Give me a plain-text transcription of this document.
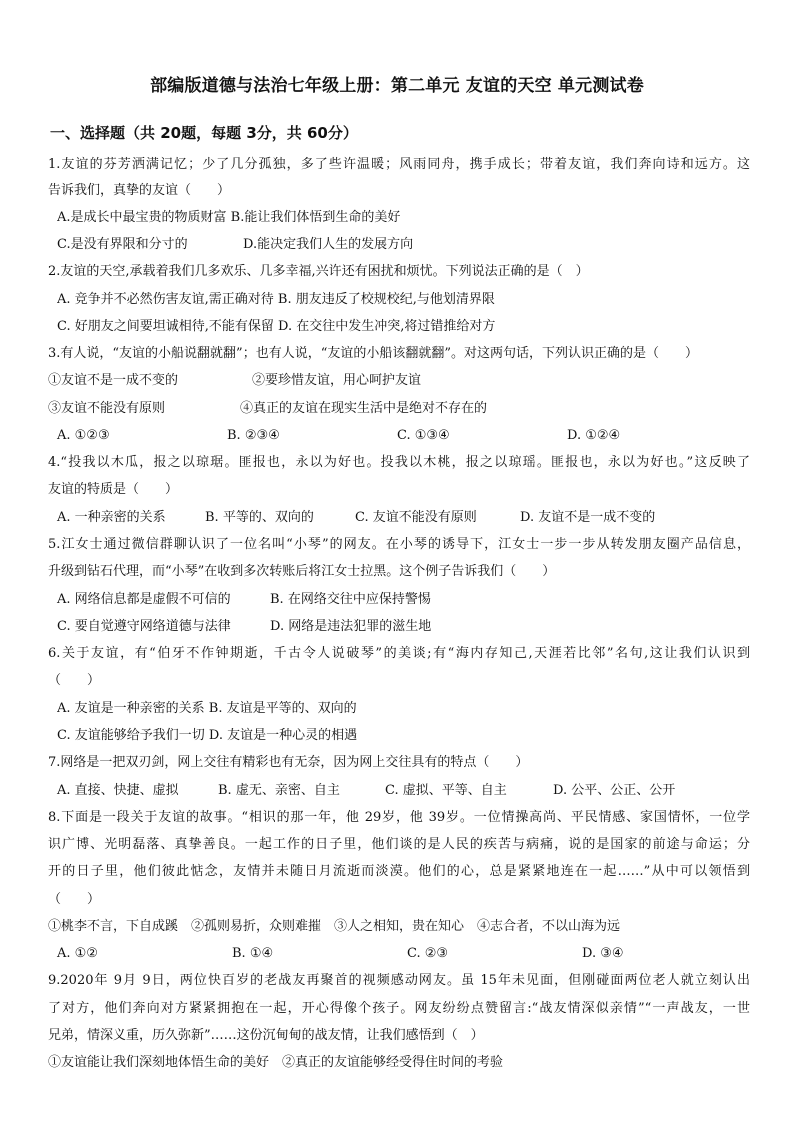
部编版道德与法治七年级上册：第二单元 友谊的天空 单元测试卷
一、选择题（共 20题，每题 3分，共 60分）
1.友谊的芬芳洒满记忆；少了几分孤独，多了些许温暖；风雨同舟，携手成长；带着友谊，我们奔向诗和远方。这
告诉我们，真挚的友谊（　　）
A.是成长中最宝贵的物质财富 B.能让我们体悟到生命的美好
C.是没有界限和分寸的	D.能决定我们人生的发展方向
2.友谊的天空,承载着我们几多欢乐、几多幸福,兴许还有困扰和烦忧。下列说法正确的是（　）
A. 竞争并不必然伤害友谊,需正确对待 B. 朋友违反了校规校纪,与他划清界限
C. 好朋友之间要坦诚相待,不能有保留 D. 在交往中发生冲突,将过错推给对方
3.有人说，“友谊的小船说翻就翻”；也有人说，“友谊的小船该翻就翻”。对这两句话，下列认识正确的是（　　）
①友谊不是一成不变的	②要珍惜友谊，用心呵护友谊
③友谊不能没有原则	④真正的友谊在现实生活中是绝对不存在的
A. ①②③	B. ②③④	C. ①③④	D. ①②④
4.“投我以木瓜，报之以琼琚。匪报也，永以为好也。投我以木桃，报之以琼瑶。匪报也，永以为好也。”这反映了
友谊的特质是（　　）
A. 一种亲密的关系	B. 平等的、双向的	C. 友谊不能没有原则	D. 友谊不是一成不变的
5.江女士通过微信群聊认识了一位名叫“小琴”的网友。在小琴的诱导下，江女士一步一步从转发朋友圈产品信息，
升级到钻石代理，而“小琴”在收到多次转账后将江女士拉黑。这个例子告诉我们（　　）
A. 网络信息都是虚假不可信的	B. 在网络交往中应保持警惕
C. 要自觉遵守网络道德与法律	D. 网络是违法犯罪的滋生地
6.关于友谊，有“伯牙不作钟期逝，千古令人说破琴”的美谈;有“海内存知己,天涯若比邻”名句,这让我们认识到
（　　）
A. 友谊是一种亲密的关系 B. 友谊是平等的、双向的
C. 友谊能够给予我们一切 D. 友谊是一种心灵的相遇
7.网络是一把双刃剑，网上交往有精彩也有无奈，因为网上交往具有的特点（　　）
A. 直接、快捷、虚拟	B. 虚无、亲密、自主	C. 虚拟、平等、自主	D. 公平、公正、公开
8.下面是一段关于友谊的故事。“相识的那一年，他 29岁，他 39岁。一位情操高尚、平民情感、家国情怀，一位学
识广博、光明磊落、真挚善良。一起工作的日子里，他们谈的是人民的疾苦与病痛，说的是国家的前途与命运；分
开的日子里，他们彼此惦念，友情并未随日月流逝而淡漠。他们的心，总是紧紧地连在一起……”从中可以领悟到
（　　）
①桃李不言，下自成蹊　②孤则易折，众则难摧　③人之相知，贵在知心　④志合者，不以山海为远
A. ①②	B. ①④	C. ②③	D. ③④
9.2020年 9月 9日，两位快百岁的老战友再聚首的视频感动网友。虽 15年未见面，但刚碰面两位老人就立刻认出
了对方，他们奔向对方紧紧拥抱在一起，开心得像个孩子。网友纷纷点赞留言:“战友情深似亲情”“一声战友，一世
兄弟，情深义重，历久弥新”……这份沉甸甸的战友情，让我们感悟到（　）
①友谊能让我们深刻地体悟生命的美好　②真正的友谊能够经受得住时间的考验
